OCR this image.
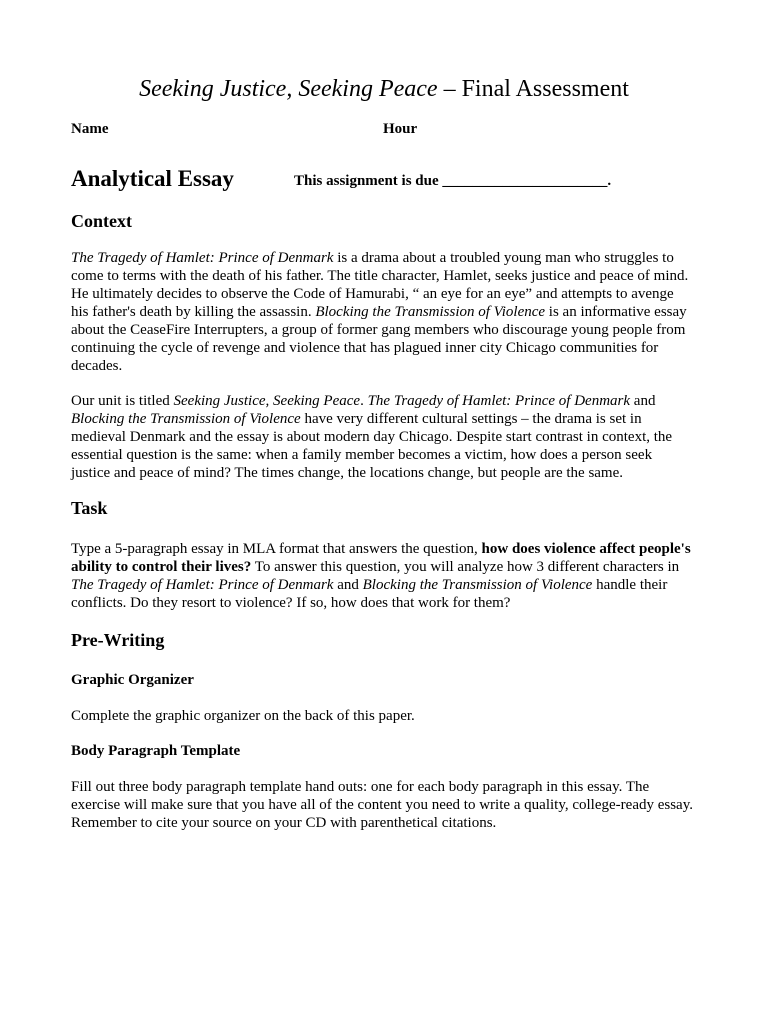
Seeking Justice, Seeking Peace – Final Assessment
Name	Hour
Analytical Essay	This assignment is due ______________________.
Context
The Tragedy of Hamlet: Prince of Denmark is a drama about a troubled young man who struggles to
come to terms with the death of his father. The title character, Hamlet, seeks justice and peace of mind.
He ultimately decides to observe the Code of Hamurabi, “ an eye for an eye” and attempts to avenge
his father's death by killing the assassin. Blocking the Transmission of Violence is an informative essay
about the CeaseFire Interrupters, a group of former gang members who discourage young people from
continuing the cycle of revenge and violence that has plagued inner city Chicago communities for
decades.
Our unit is titled Seeking Justice, Seeking Peace. The Tragedy of Hamlet: Prince of Denmark and
Blocking the Transmission of Violence have very different cultural settings – the drama is set in
medieval Denmark and the essay is about modern day Chicago. Despite start contrast in context, the
essential question is the same: when a family member becomes a victim, how does a person seek
justice and peace of mind? The times change, the locations change, but people are the same.
Task
Type a 5-paragraph essay in MLA format that answers the question, how does violence affect people's
ability to control their lives? To answer this question, you will analyze how 3 different characters in
The Tragedy of Hamlet: Prince of Denmark and Blocking the Transmission of Violence handle their
conflicts. Do they resort to violence? If so, how does that work for them?
Pre-Writing
Graphic Organizer
Complete the graphic organizer on the back of this paper.
Body Paragraph Template
Fill out three body paragraph template hand outs: one for each body paragraph in this essay. The
exercise will make sure that you have all of the content you need to write a quality, college-ready essay.
Remember to cite your source on your CD with parenthetical citations.
